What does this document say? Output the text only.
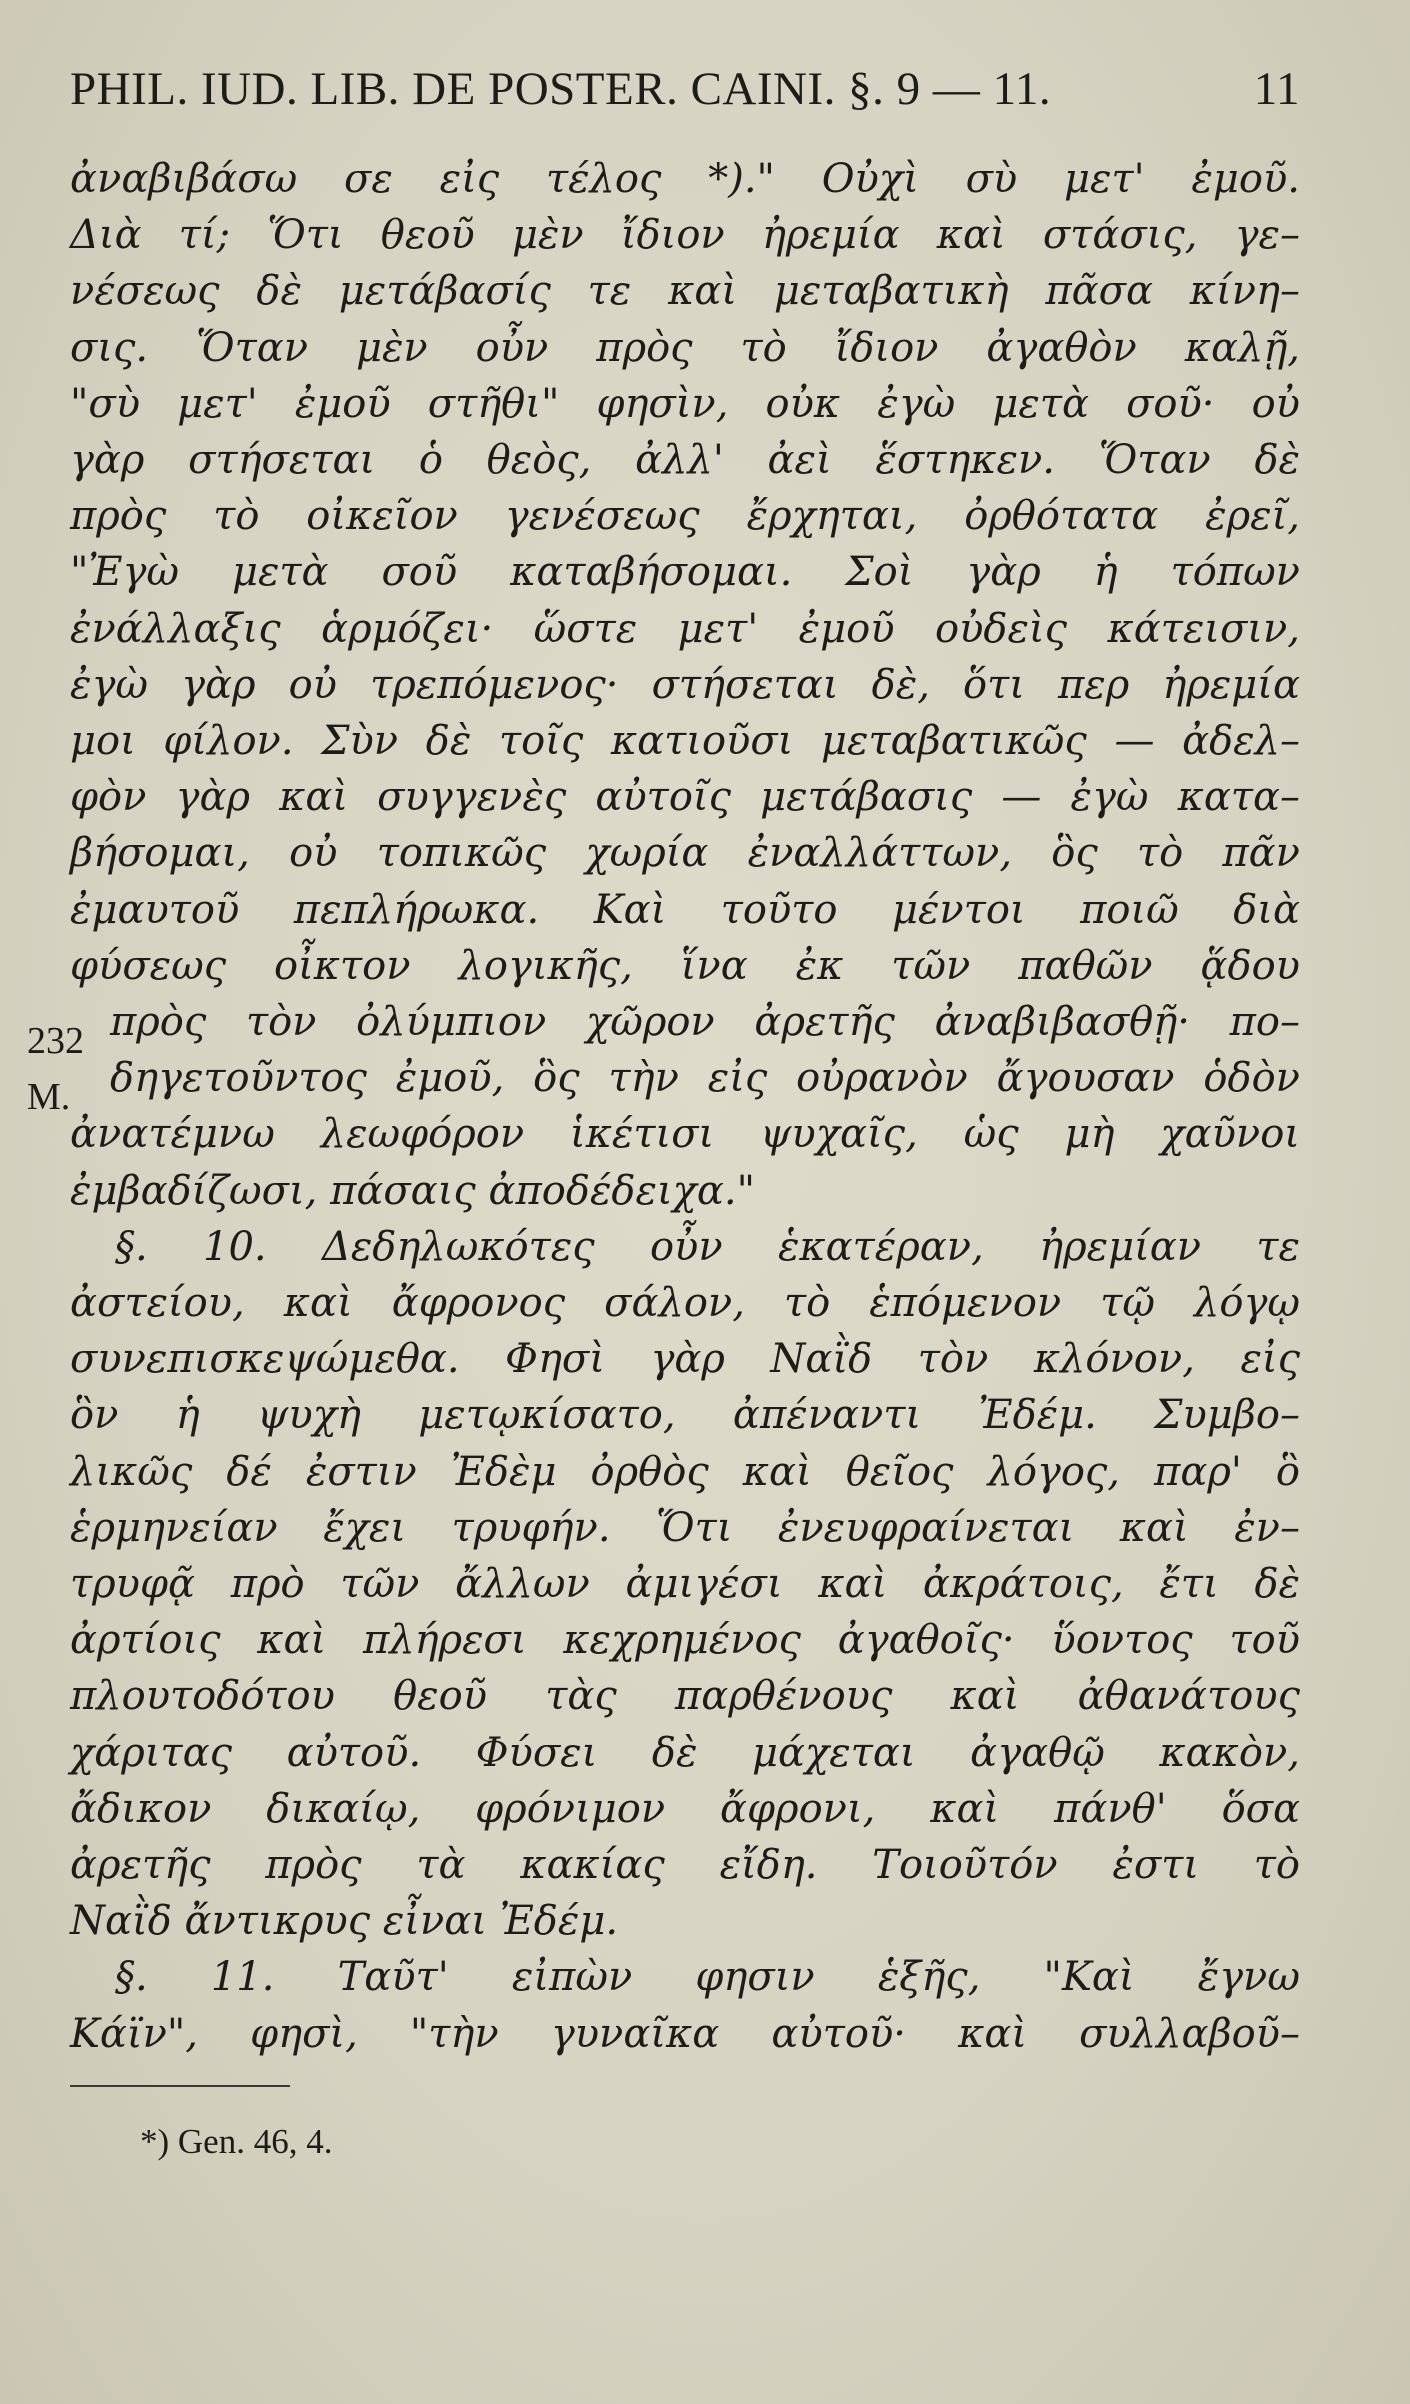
PHIL. IUD. LIB. DE POSTER. CAINI. §. 9 — 11.	11
ἀναβιβάσω σε εἰς τέλος *)." Οὐχὶ σὺ μετ' ἐμοῦ.
Διὰ τί; Ὅτι θεοῦ μὲν ἴδιον ἠρεμία καὶ στάσις, γε–
νέσεως δὲ μετάβασίς τε καὶ μεταβατικὴ πᾶσα κίνη–
σις. Ὅταν μὲν οὖν πρὸς τὸ ἴδιον ἀγαθὸν καλῇ,
"σὺ μετ' ἐμοῦ στῆθι" φησὶν, οὐκ ἐγὼ μετὰ σοῦ· οὐ
γὰρ στήσεται ὁ θεὸς, ἀλλ' ἀεὶ ἕστηκεν. Ὅταν δὲ
πρὸς τὸ οἰκεῖον γενέσεως ἔρχηται, ὀρθότατα ἐρεῖ,
"Ἐγὼ μετὰ σοῦ καταβήσομαι. Σοὶ γὰρ ἡ τόπων
ἐνάλλαξις ἁρμόζει· ὥστε μετ' ἐμοῦ οὐδεὶς κάτεισιν,
ἐγὼ γὰρ οὐ τρεπόμενος· στήσεται δὲ, ὅτι περ ἠρεμία
μοι φίλον. Σὺν δὲ τοῖς κατιοῦσι μεταβατικῶς — ἀδελ–
φὸν γὰρ καὶ συγγενὲς αὐτοῖς μετάβασις — ἐγὼ κατα–
βήσομαι, οὐ τοπικῶς χωρία ἐναλλάττων, ὃς τὸ πᾶν
ἐμαυτοῦ πεπλήρωκα. Καὶ τοῦτο μέντοι ποιῶ διὰ
φύσεως οἶκτον λογικῆς, ἵνα ἐκ τῶν παθῶν ᾅδου
πρὸς τὸν ὀλύμπιον χῶρον ἀρετῆς ἀναβιβασθῇ· πο–
δηγετοῦντος ἐμοῦ, ὃς τὴν εἰς οὐρανὸν ἄγουσαν ὁδὸν
ἀνατέμνω λεωφόρον ἱκέτισι ψυχαῖς, ὡς μὴ χαῦνοι
ἐμβαδίζωσι, πάσαις ἀποδέδειχα."
§. 10. Δεδηλωκότες οὖν ἑκατέραν, ἠρεμίαν τε
ἀστείου, καὶ ἄφρονος σάλον, τὸ ἑπόμενον τῷ λόγῳ
συνεπισκεψώμεθα. Φησὶ γὰρ Ναῒδ τὸν κλόνον, εἰς
ὃν ἡ ψυχὴ μετῳκίσατο, ἀπέναντι Ἐδέμ. Συμβο–
λικῶς δέ ἐστιν Ἐδὲμ ὀρθὸς καὶ θεῖος λόγος, παρ' ὃ
ἑρμηνείαν ἔχει τρυφήν. Ὅτι ἐνευφραίνεται καὶ ἐν–
τρυφᾷ πρὸ τῶν ἄλλων ἀμιγέσι καὶ ἀκράτοις, ἔτι δὲ
ἀρτίοις καὶ πλήρεσι κεχρημένος ἀγαθοῖς· ὕοντος τοῦ
πλουτοδότου θεοῦ τὰς παρθένους καὶ ἀθανάτους
χάριτας αὐτοῦ. Φύσει δὲ μάχεται ἀγαθῷ κακὸν,
ἄδικον δικαίῳ, φρόνιμον ἄφρονι, καὶ πάνθ' ὅσα
ἀρετῆς πρὸς τὰ κακίας εἴδη. Τοιοῦτόν ἐστι τὸ
Ναῒδ ἄντικρυς εἶναι Ἐδέμ.
§. 11. Ταῦτ' εἰπὼν φησιν ἑξῆς, "Καὶ ἔγνω
Κάϊν", φησὶ, "τὴν γυναῖκα αὐτοῦ· καὶ συλλαβοῦ–
232
M.
*) Gen. 46, 4.
